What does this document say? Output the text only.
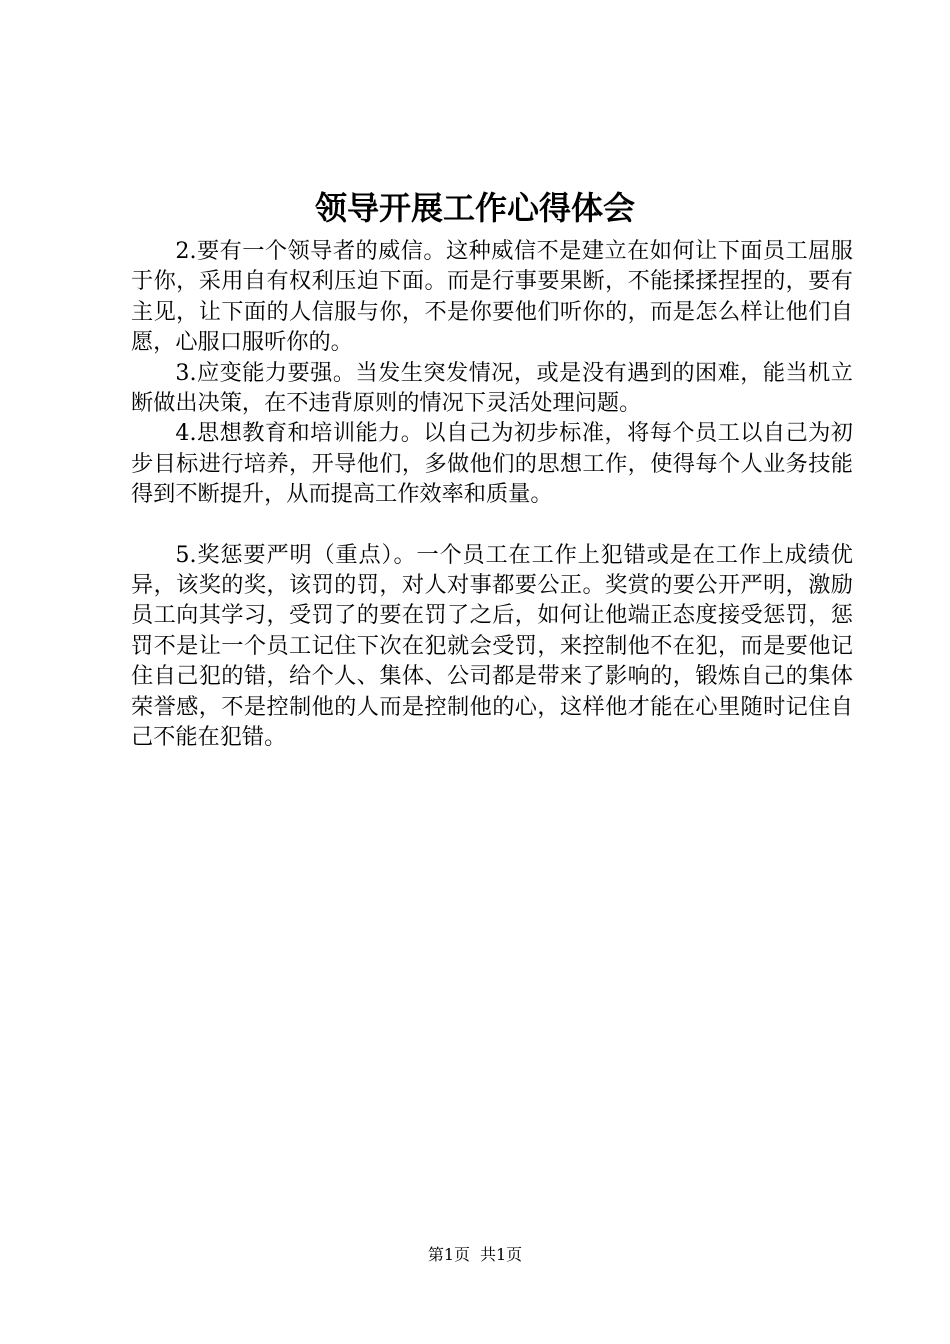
领导开展工作心得体会

2.要有一个领导者的威信。这种威信不是建立在如何让下面员工屈服于你，采用自有权利压迫下面。而是行事要果断，不能揉揉捏捏的，要有主见，让下面的人信服与你，不是你要他们听你的，而是怎么样让他们自愿，心服口服听你的。

3.应变能力要强。当发生突发情况，或是没有遇到的困难，能当机立断做出决策，在不违背原则的情况下灵活处理问题。

4.思想教育和培训能力。以自己为初步标准，将每个员工以自己为初步目标进行培养，开导他们，多做他们的思想工作，使得每个人业务技能得到不断提升，从而提高工作效率和质量。

5.奖惩要严明（重点）。一个员工在工作上犯错或是在工作上成绩优异，该奖的奖，该罚的罚，对人对事都要公正。奖赏的要公开严明，激励员工向其学习，受罚了的要在罚了之后，如何让他端正态度接受惩罚，惩罚不是让一个员工记住下次在犯就会受罚，来控制他不在犯，而是要他记住自己犯的错，给个人、集体、公司都是带来了影响的，锻炼自己的集体荣誉感，不是控制他的人而是控制他的心，这样他才能在心里随时记住自己不能在犯错。

第1页 共1页
